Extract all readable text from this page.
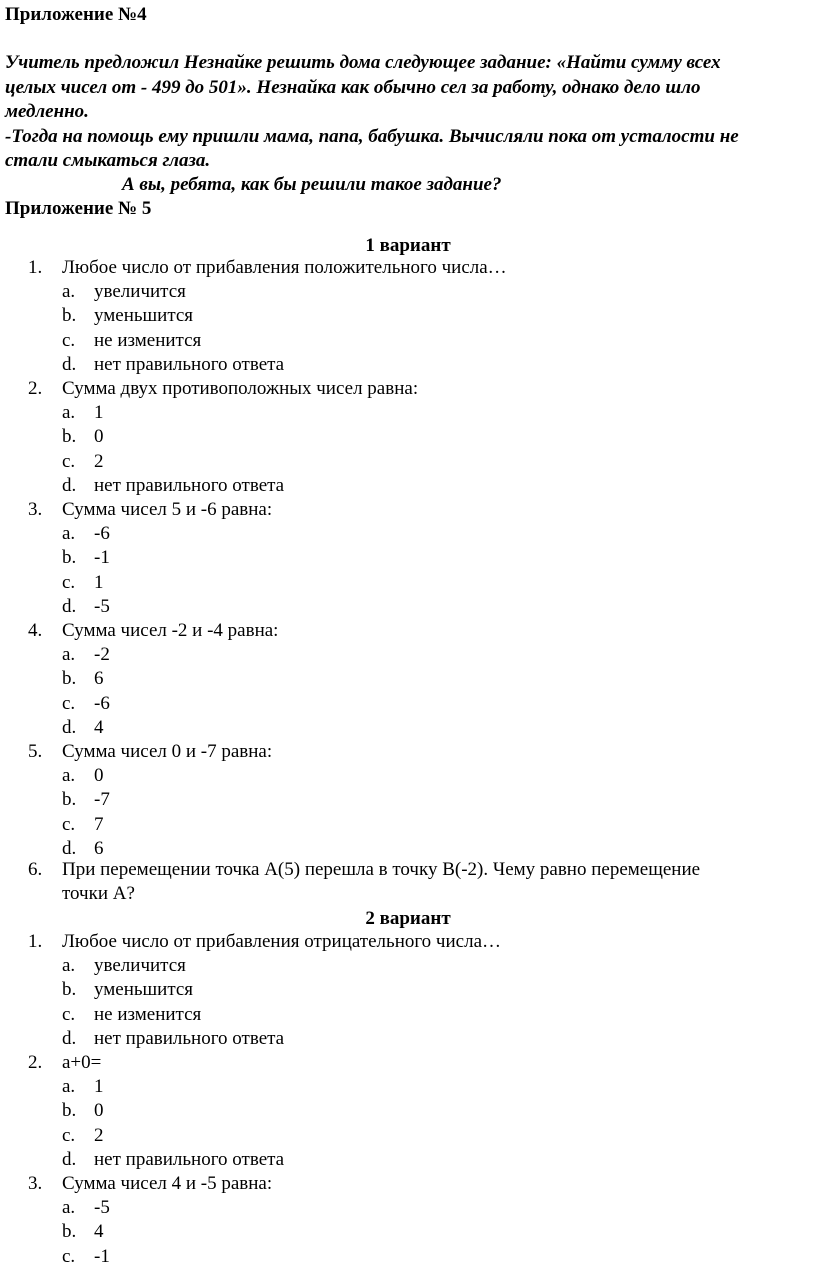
Приложение №4
Учитель предложил Незнайке решить дома следующее задание: «Найти сумму всех
целых чисел от - 499 до 501». Незнайка как обычно сел за работу, однако дело шло
медленно.
-Тогда на помощь ему пришли мама, папа, бабушка. Вычисляли пока от усталости не
стали смыкаться глаза.
А вы, ребята, как бы решили такое задание?
Приложение № 5
1 вариант
1.	Любое число от прибавления положительного числа…
a. увеличится
b. уменьшится
c. не изменится
d. нет правильного ответа
2.	Сумма двух противоположных чисел равна:
a. 1
b. 0
c. 2
d. нет правильного ответа
3.	Сумма чисел 5 и -6 равна:
a. -6
b. -1
c. 1
d. -5
4.	Сумма чисел -2 и -4 равна:
a. -2
b. 6
c. -6
d. 4
5.	Сумма чисел 0 и -7 равна:
a. 0
b. -7
c. 7
d. 6
6.	При перемещении точка А(5) перешла в точку В(-2). Чему равно перемещение
точки А?
2 вариант
1.	Любое число от прибавления отрицательного числа…
a. увеличится
b. уменьшится
c. не изменится
d. нет правильного ответа
2.	a+0=
a. 1
b. 0
c. 2
d. нет правильного ответа
3.	Сумма чисел 4 и -5 равна:
a. -5
b. 4
c. -1
